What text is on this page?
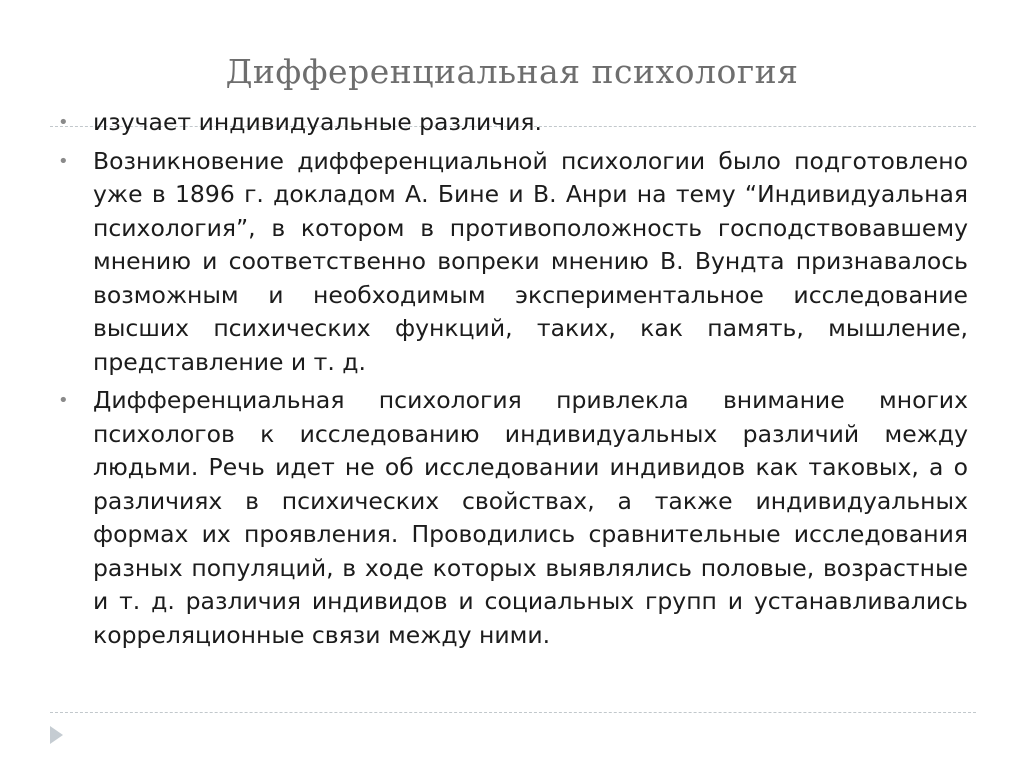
Дифференциальная психология
• изучает индивидуальные различия.
• Возникновение дифференциальной психологии было подготовлено уже в 1896 г. докладом А. Бине и В. Анри на тему “Индивидуальная психология”, в котором в противоположность господствовавшему мнению и соответственно вопреки мнению В. Вундта признавалось возможным и необходимым экспериментальное исследование высших психических функций, таких, как память, мышление, представление и т. д.
• Дифференциальная психология привлекла внимание многих психологов к исследованию индивидуальных различий между людьми. Речь идет не об исследовании индивидов как таковых, а о различиях в психических свойствах, а также индивидуальных формах их проявления. Проводились сравнительные исследования разных популяций, в ходе которых выявлялись половые, возрастные и т. д. различия индивидов и социальных групп и устанавливались корреляционные связи между ними.
